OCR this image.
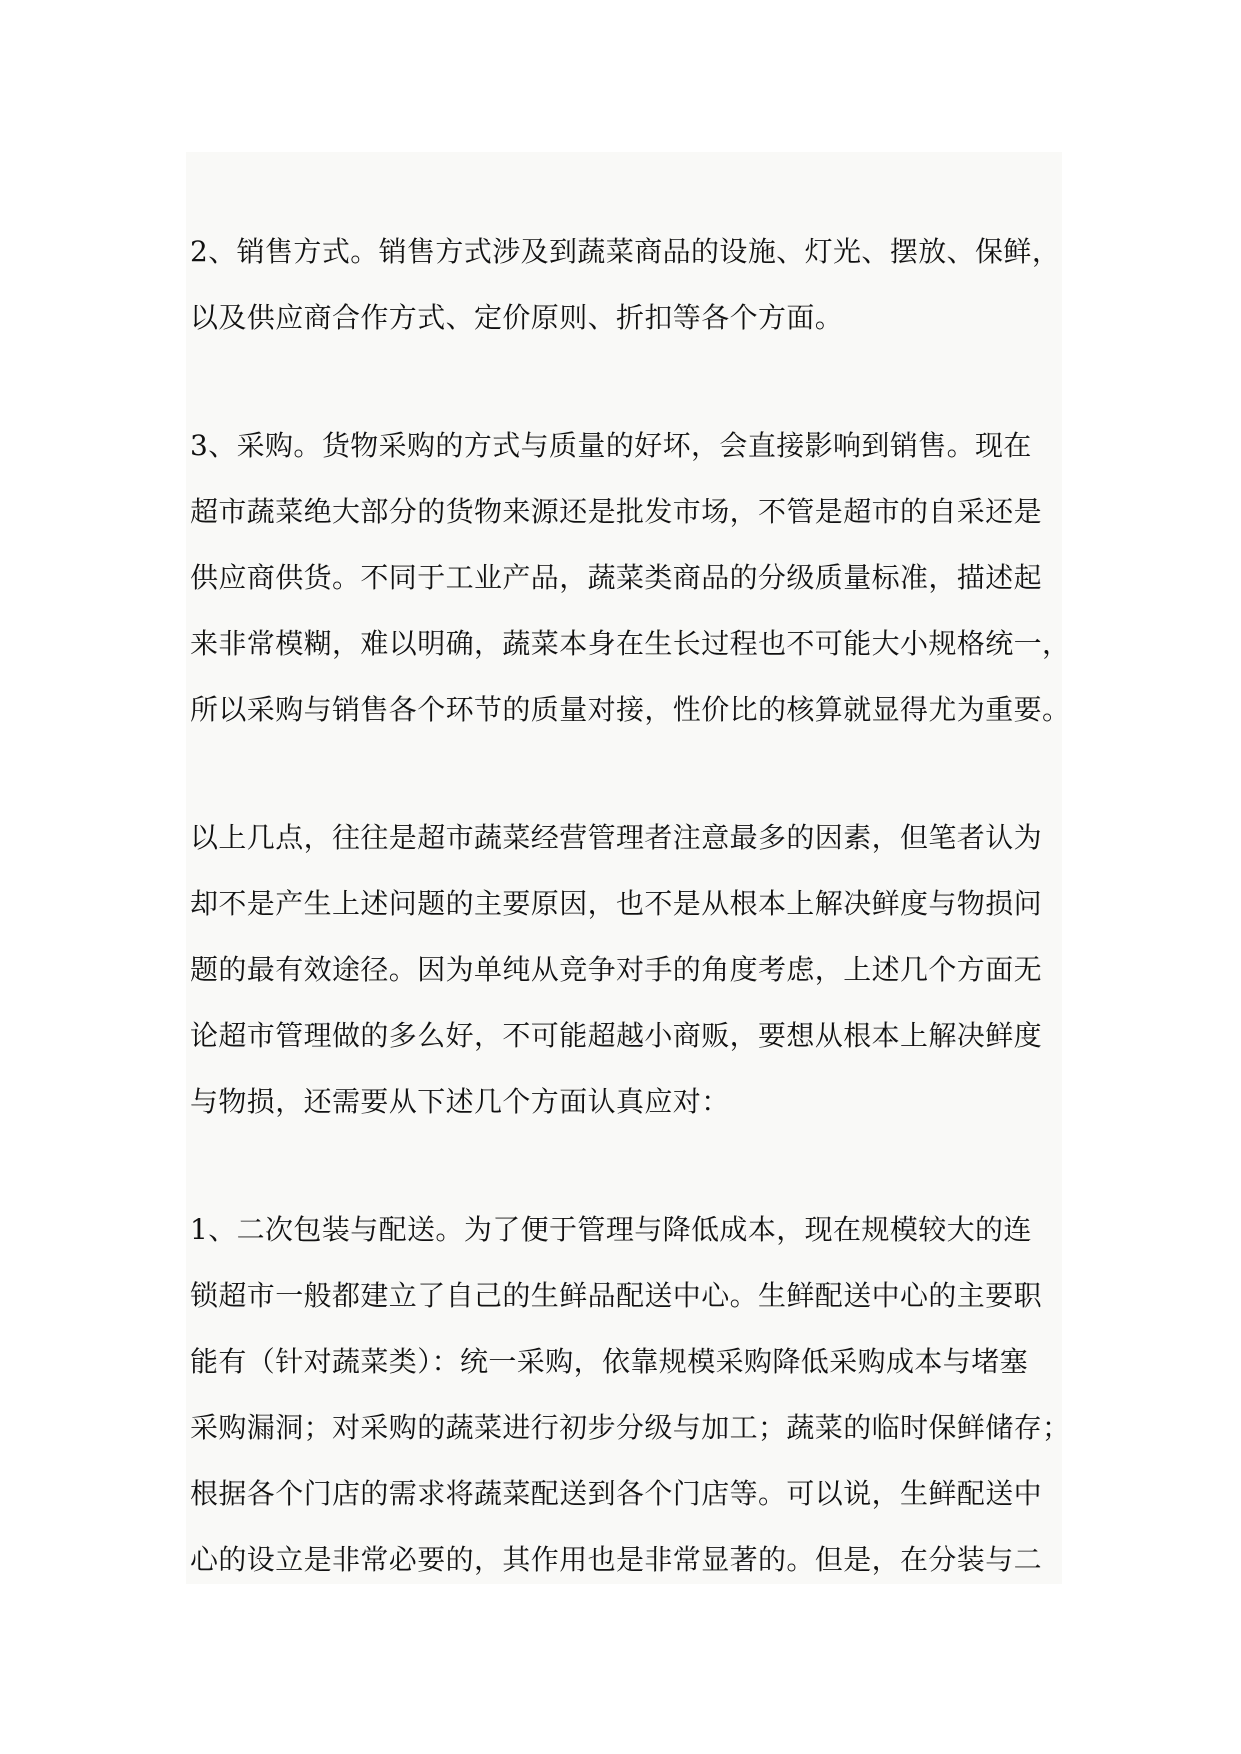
2、销售方式。销售方式涉及到蔬菜商品的设施、灯光、摆放、保鲜，
以及供应商合作方式、定价原则、折扣等各个方面。
3、采购。货物采购的方式与质量的好坏，会直接影响到销售。现在
超市蔬菜绝大部分的货物来源还是批发市场，不管是超市的自采还是
供应商供货。不同于工业产品，蔬菜类商品的分级质量标准，描述起
来非常模糊，难以明确，蔬菜本身在生长过程也不可能大小规格统一，
所以采购与销售各个环节的质量对接，性价比的核算就显得尤为重要。
以上几点，往往是超市蔬菜经营管理者注意最多的因素，但笔者认为
却不是产生上述问题的主要原因，也不是从根本上解决鲜度与物损问
题的最有效途径。因为单纯从竞争对手的角度考虑，上述几个方面无
论超市管理做的多么好，不可能超越小商贩，要想从根本上解决鲜度
与物损，还需要从下述几个方面认真应对：
1、二次包装与配送。为了便于管理与降低成本，现在规模较大的连
锁超市一般都建立了自己的生鲜品配送中心。生鲜配送中心的主要职
能有（针对蔬菜类）：统一采购，依靠规模采购降低采购成本与堵塞
采购漏洞；对采购的蔬菜进行初步分级与加工；蔬菜的临时保鲜储存；
根据各个门店的需求将蔬菜配送到各个门店等。可以说，生鲜配送中
心的设立是非常必要的，其作用也是非常显著的。但是，在分装与二
